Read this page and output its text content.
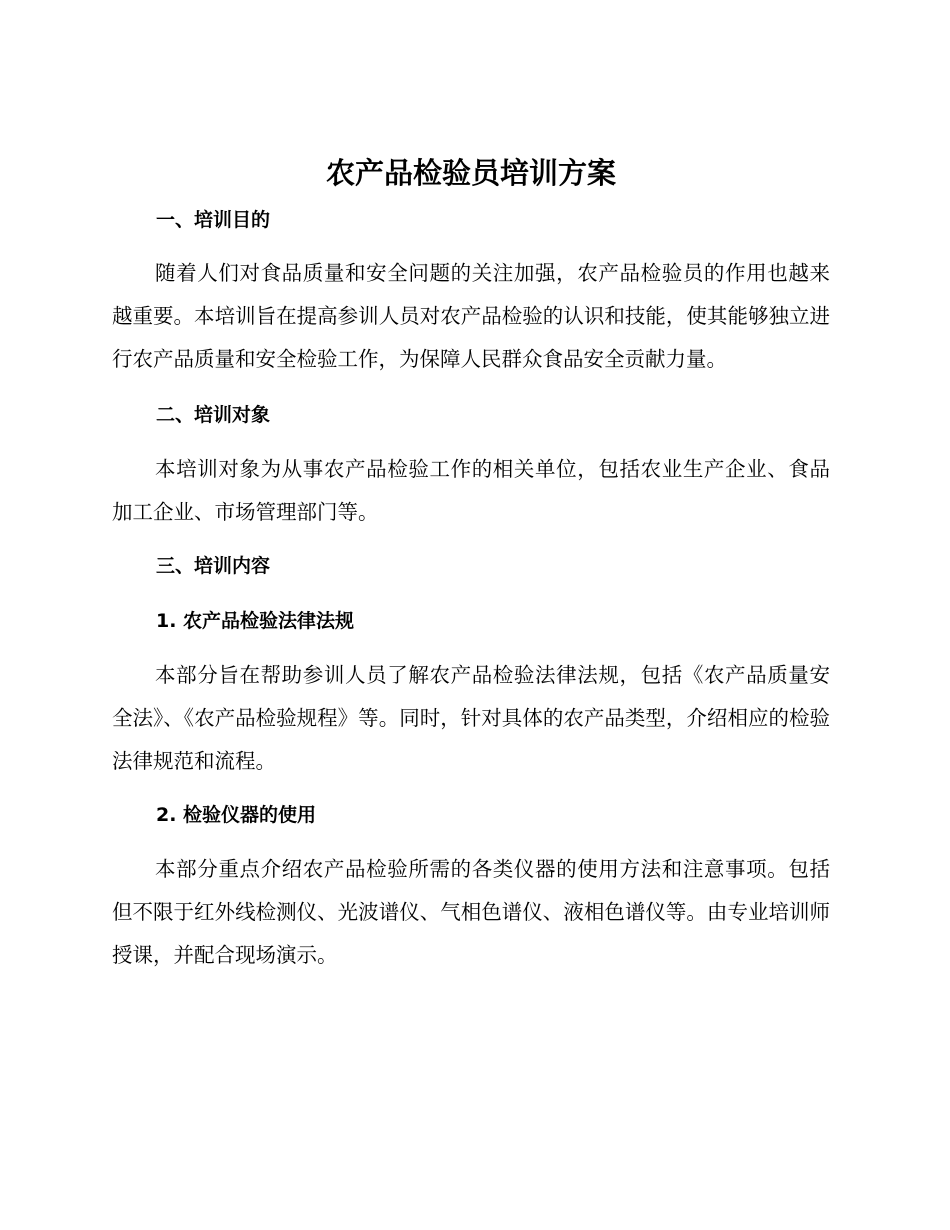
农产品检验员培训方案
一、培训目的

随着人们对食品质量和安全问题的关注加强，农产品检验员的作用也越来越重要。本培训旨在提高参训人员对农产品检验的认识和技能，使其能够独立进行农产品质量和安全检验工作，为保障人民群众食品安全贡献力量。

二、培训对象

本培训对象为从事农产品检验工作的相关单位，包括农业生产企业、食品加工企业、市场管理部门等。

三、培训内容
1. 农产品检验法律法规

本部分旨在帮助参训人员了解农产品检验法律法规，包括《农产品质量安全法》、《农产品检验规程》等。同时，针对具体的农产品类型，介绍相应的检验法律规范和流程。

2. 检验仪器的使用

本部分重点介绍农产品检验所需的各类仪器的使用方法和注意事项。包括但不限于红外线检测仪、光波谱仪、气相色谱仪、液相色谱仪等。由专业培训师授课，并配合现场演示。
